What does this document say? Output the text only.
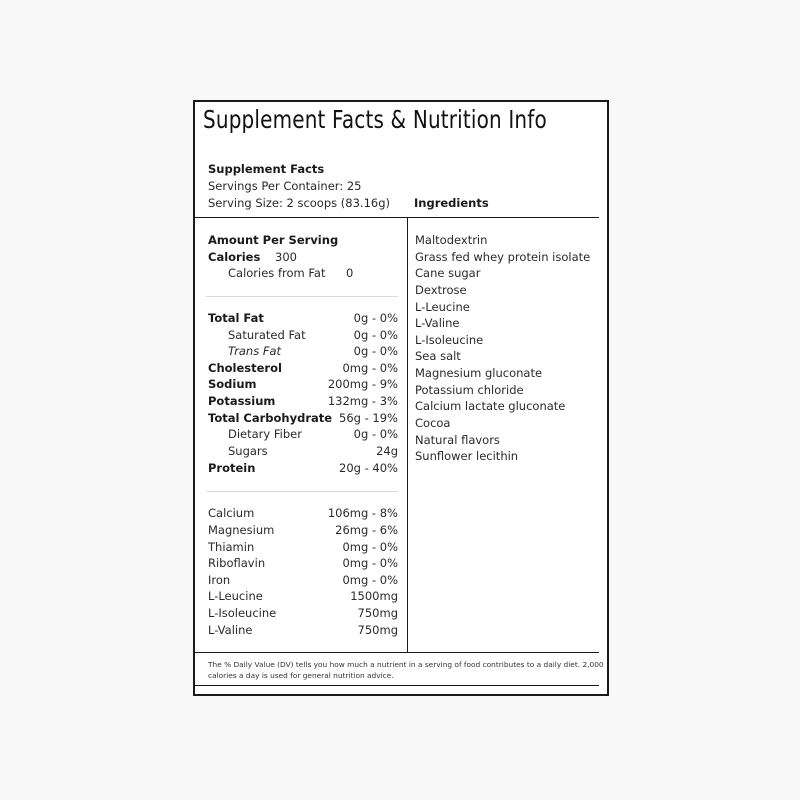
Supplement Facts & Nutrition Info
Supplement Facts
Servings Per Container: 25
Serving Size: 2 scoops (83.16g) Ingredients
Amount Per Serving
Calories 300
Calories from Fat 0
Total Fat	0g - 0%
Saturated Fat	0g - 0%
Trans Fat	0g - 0%
Cholesterol	0mg - 0%
Sodium	200mg - 9%
Potassium	132mg - 3%
Total Carbohydrate 56g - 19%
Dietary Fiber	0g - 0%
Sugars	24g
Protein	20g - 40%
Calcium	106mg - 8%
Magnesium	26mg - 6%
Thiamin	0mg - 0%
Riboflavin	0mg - 0%
Iron	0mg - 0%
L-Leucine	1500mg
L-Isoleucine	750mg
L-Valine	750mg
Maltodextrin
Grass fed whey protein isolate
Cane sugar
Dextrose
L-Leucine
L-Valine
L-Isoleucine
Sea salt
Magnesium gluconate
Potassium chloride
Calcium lactate gluconate
Cocoa
Natural flavors
Sunflower lecithin
The % Daily Value (DV) tells you how much a nutrient in a serving of food contributes to a daily diet. 2,000 calories a day is used for general nutrition advice.
